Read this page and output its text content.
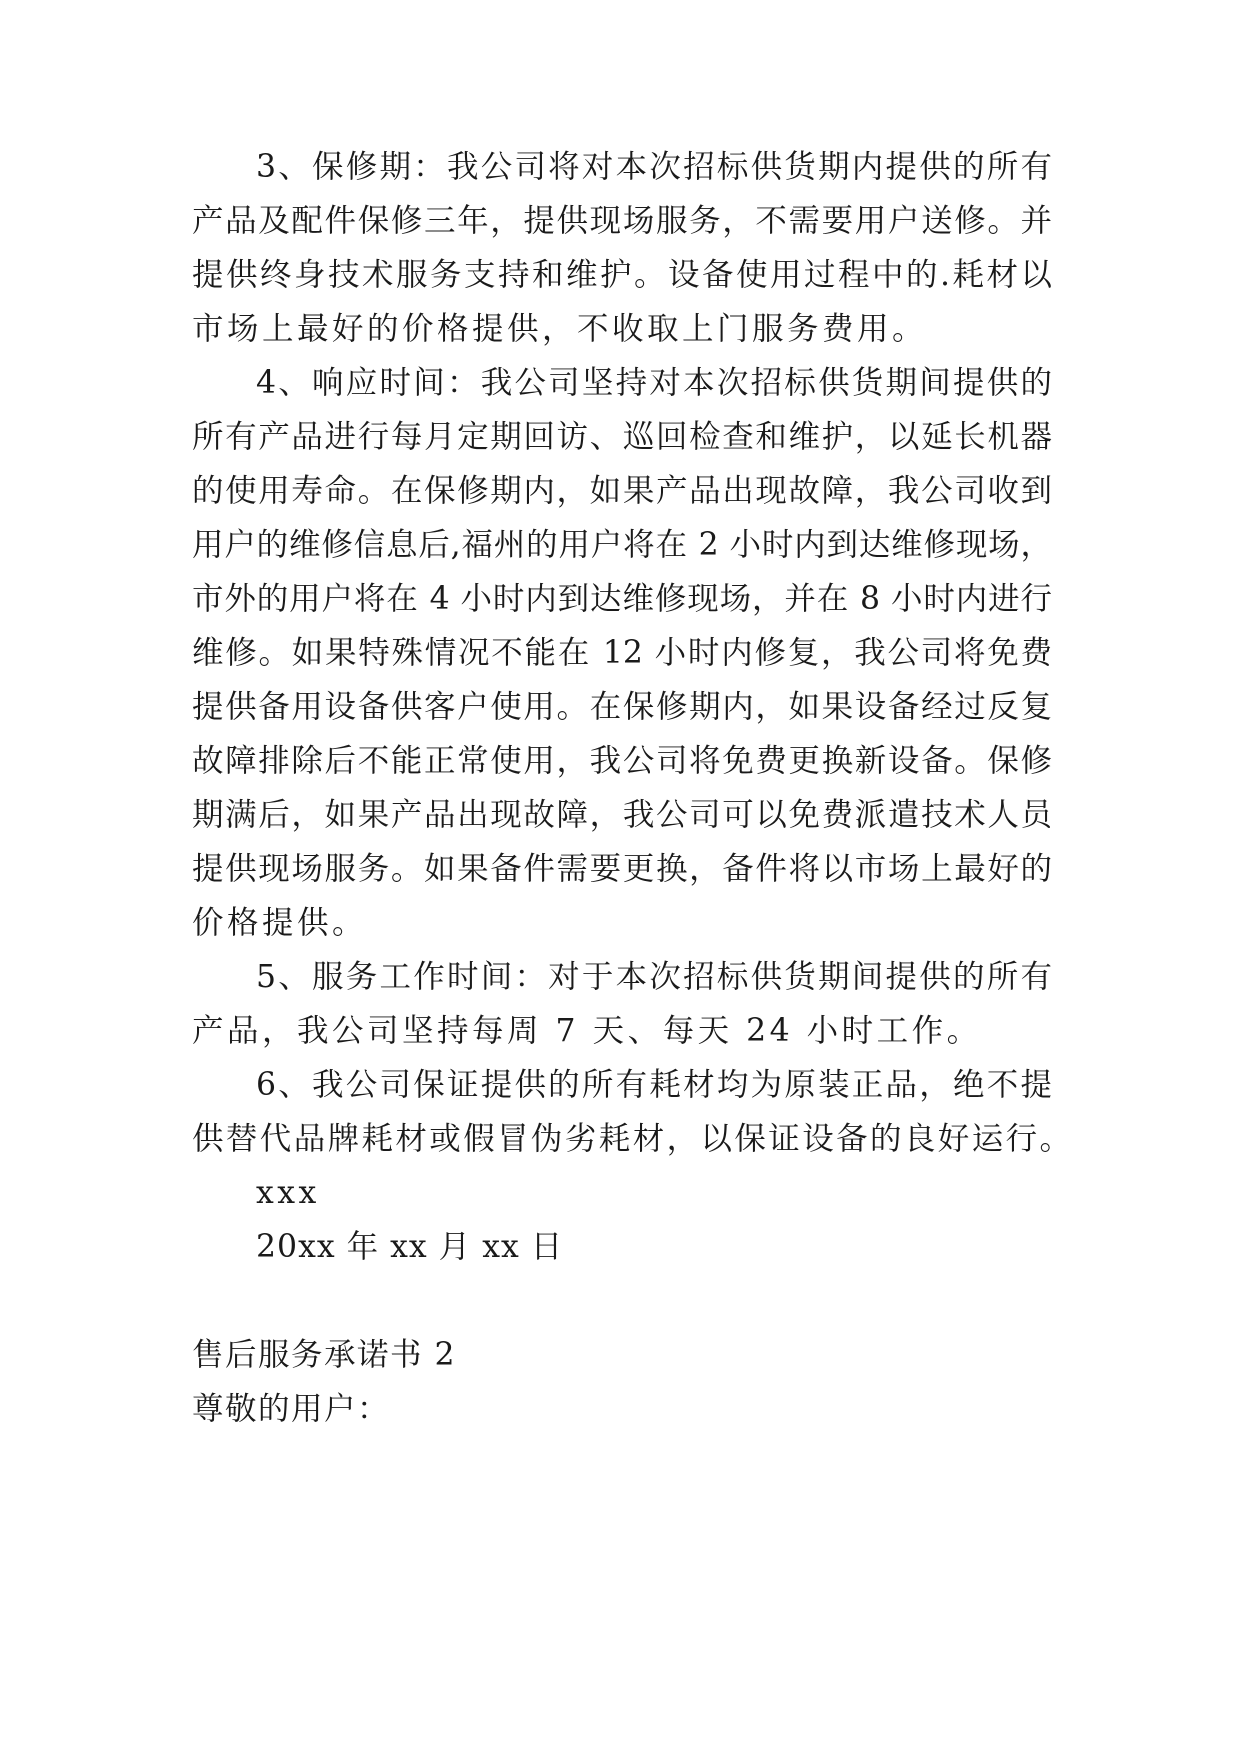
3、保修期：我公司将对本次招标供货期内提供的所有
产品及配件保修三年，提供现场服务，不需要用户送修。并
提供终身技术服务支持和维护。设备使用过程中的.耗材以
市场上最好的价格提供，不收取上门服务费用。
4、响应时间：我公司坚持对本次招标供货期间提供的
所有产品进行每月定期回访、巡回检查和维护，以延长机器
的使用寿命。在保修期内，如果产品出现故障，我公司收到
用户的维修信息后,福州的用户将在 2 小时内到达维修现场，
市外的用户将在 4 小时内到达维修现场，并在 8 小时内进行
维修。如果特殊情况不能在 12 小时内修复，我公司将免费
提供备用设备供客户使用。在保修期内，如果设备经过反复
故障排除后不能正常使用，我公司将免费更换新设备。保修
期满后，如果产品出现故障，我公司可以免费派遣技术人员
提供现场服务。如果备件需要更换，备件将以市场上最好的
价格提供。
5、服务工作时间：对于本次招标供货期间提供的所有
产品，我公司坚持每周 7 天、每天 24 小时工作。
6、我公司保证提供的所有耗材均为原装正品，绝不提
供替代品牌耗材或假冒伪劣耗材，以保证设备的良好运行。
xxx
20xx 年 xx 月 xx 日
售后服务承诺书 2
尊敬的用户：
